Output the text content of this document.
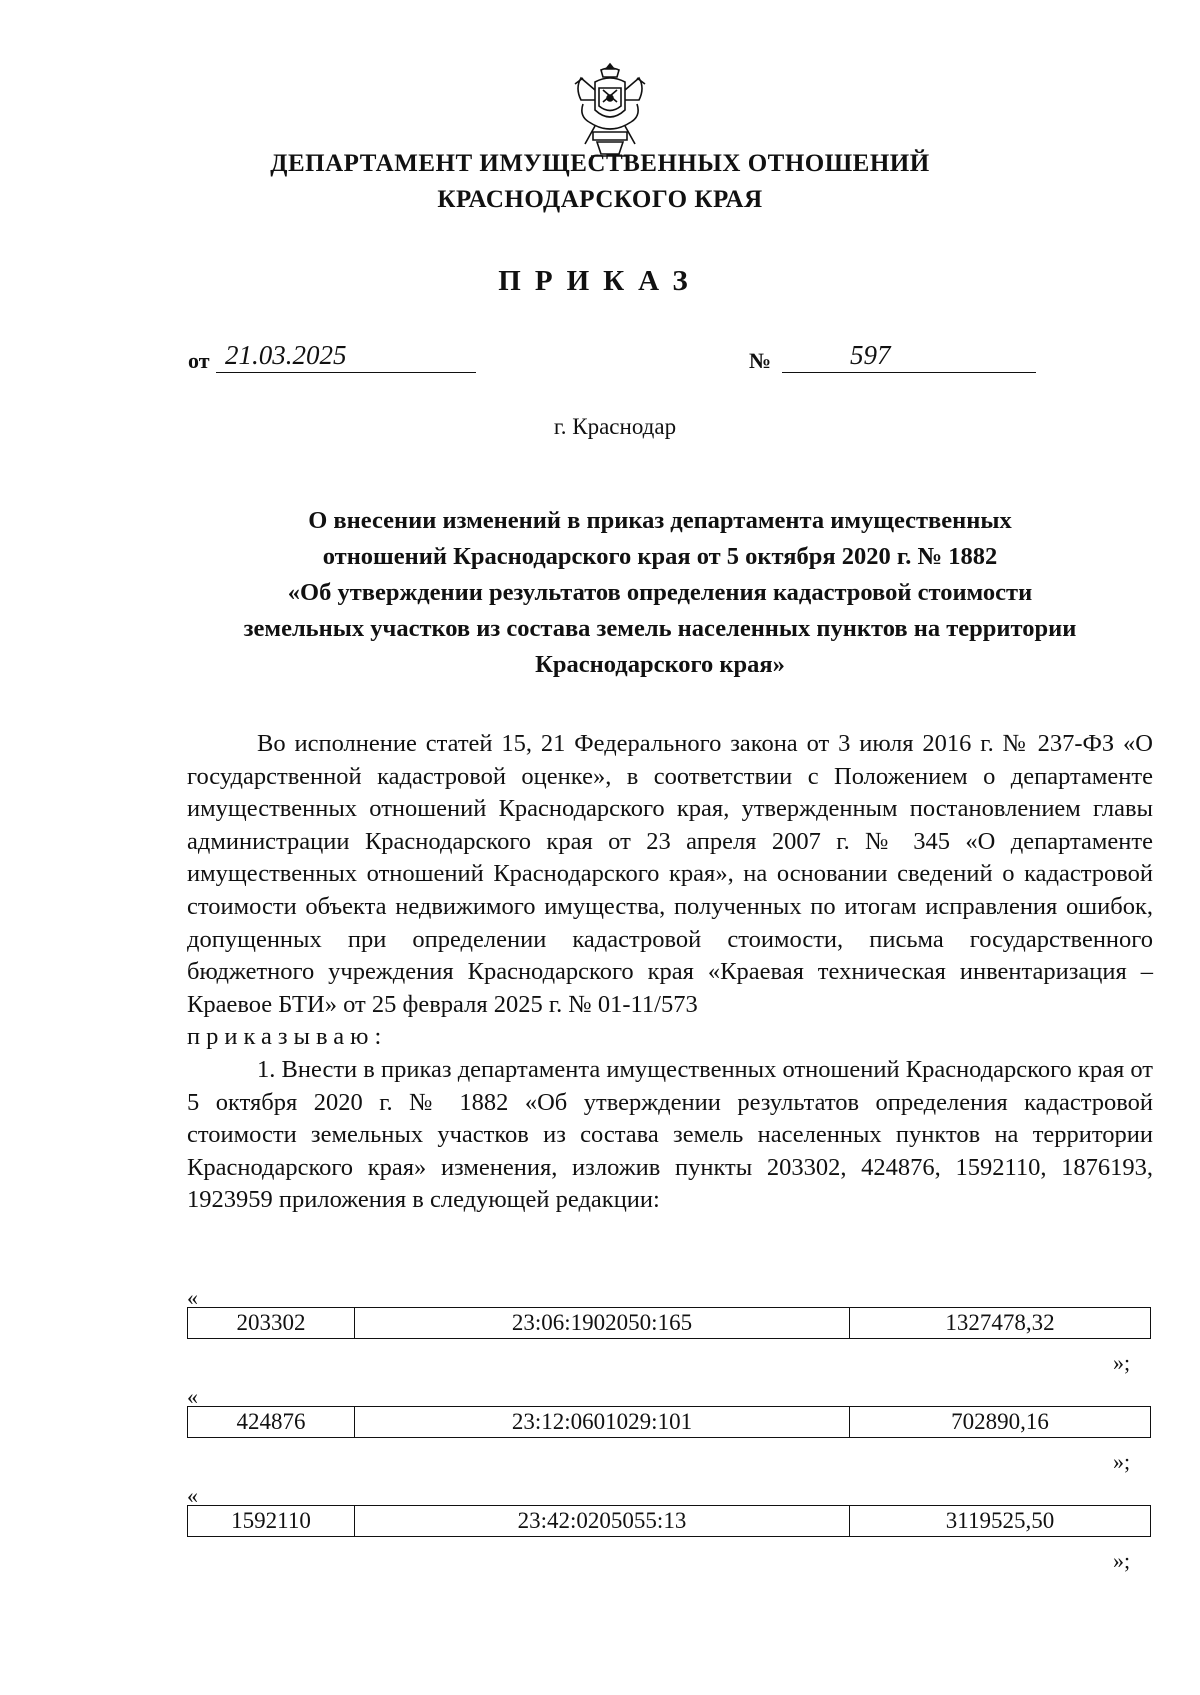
ДЕПАРТАМЕНТ ИМУЩЕСТВЕННЫХ ОТНОШЕНИЙ
КРАСНОДАРСКОГО КРАЯ
ПРИКАЗ
от 21.03.2025	№	597
г. Краснодар
О внесении изменений в приказ департамента имущественных
отношений Краснодарского края от 5 октября 2020 г. № 1882
«Об утверждении результатов определения кадастровой стоимости
земельных участков из состава земель населенных пунктов на территории
Краснодарского края»

Во исполнение статей 15, 21 Федерального закона от 3 июля 2016 г. № 237-ФЗ «О государственной кадастровой оценке», в соответствии с Положением о департаменте имущественных отношений Краснодарского края, утвержденным постановлением главы администрации Краснодарского края от 23 апреля 2007 г. № 345 «О департаменте имущественных отношений Краснодарского края», на основании сведений о кадастровой стоимости объекта недвижимого имущества, полученных по итогам исправления ошибок, допущенных при определении кадастровой стоимости, письма государственного бюджетного учреждения Краснодарского края «Краевая техническая инвентаризация – Краевое БТИ» от 25 февраля 2025 г. № 01-11/573

приказываю:

1. Внести в приказ департамента имущественных отношений Краснодарского края от 5 октября 2020 г. № 1882 «Об утверждении результатов определения кадастровой стоимости земельных участков из состава земель населенных пунктов на территории Краснодарского края» изменения, изложив пункты 203302, 424876, 1592110, 1876193, 1923959 приложения в следующей редакции:

«
203302	23:06:1902050:165	1327478,32
»;
«
424876	23:12:0601029:101	702890,16
»;
«
1592110	23:42:0205055:13	3119525,50
»;
